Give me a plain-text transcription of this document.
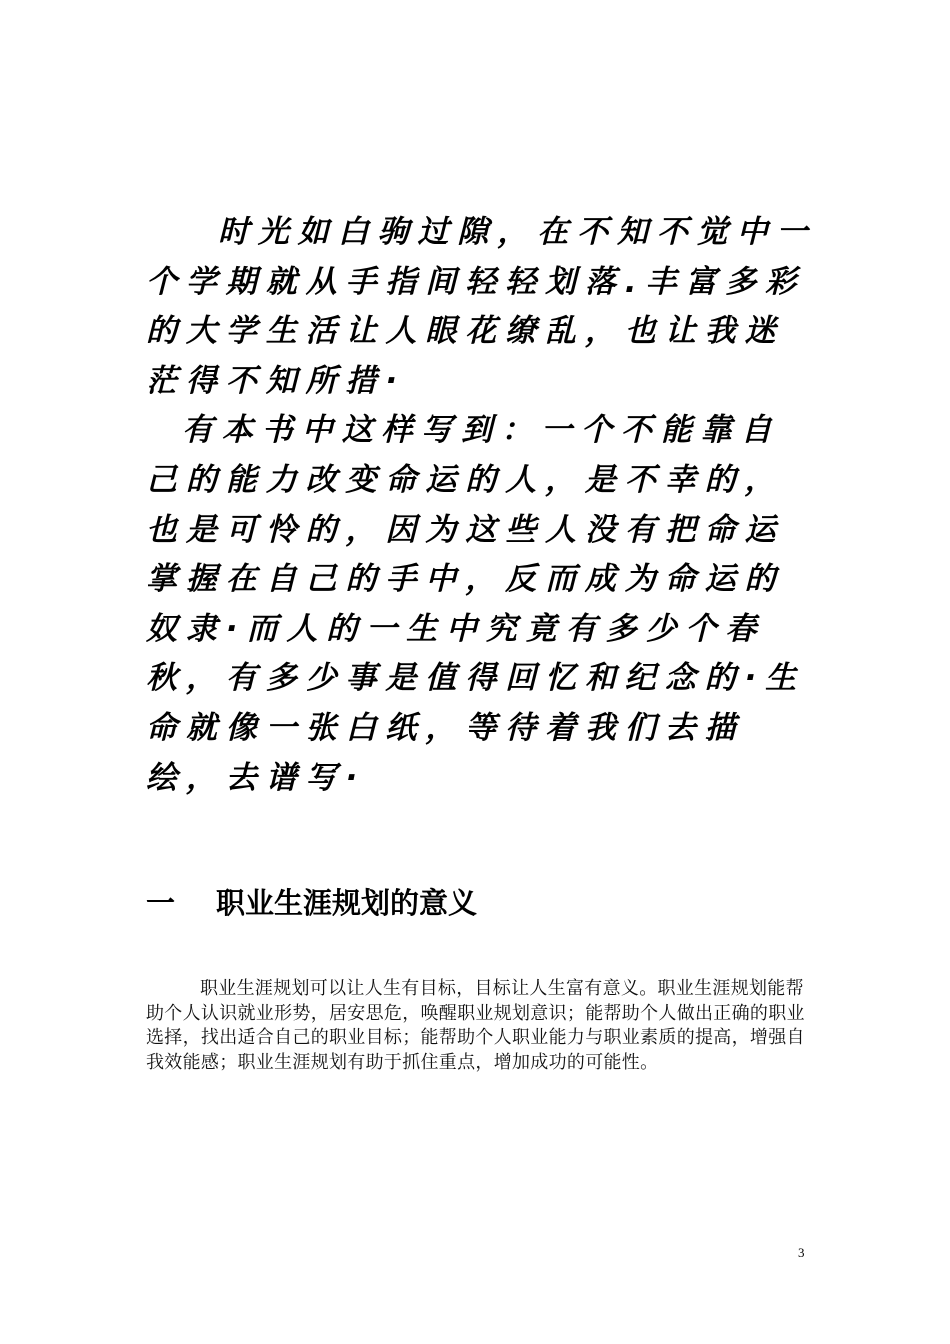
时光如白驹过隙，在不知不觉中一个学期就从手指间轻轻划落.丰富多彩的大学生活让人眼花缭乱，也让我迷茫得不知所措·

有本书中这样写到：一个不能靠自己的能力改变命运的人，是不幸的，也是可怜的，因为这些人没有把命运掌握在自己的手中，反而成为命运的奴隶·而人的一生中究竟有多少个春秋，有多少事是值得回忆和纪念的·生命就像一张白纸，等待着我们去描绘，去谱写·

一 职业生涯规划的意义

职业生涯规划可以让人生有目标，目标让人生富有意义。职业生涯规划能帮助个人认识就业形势，居安思危，唤醒职业规划意识；能帮助个人做出正确的职业选择，找出适合自己的职业目标；能帮助个人职业能力与职业素质的提高，增强自我效能感；职业生涯规划有助于抓住重点，增加成功的可能性。

3
